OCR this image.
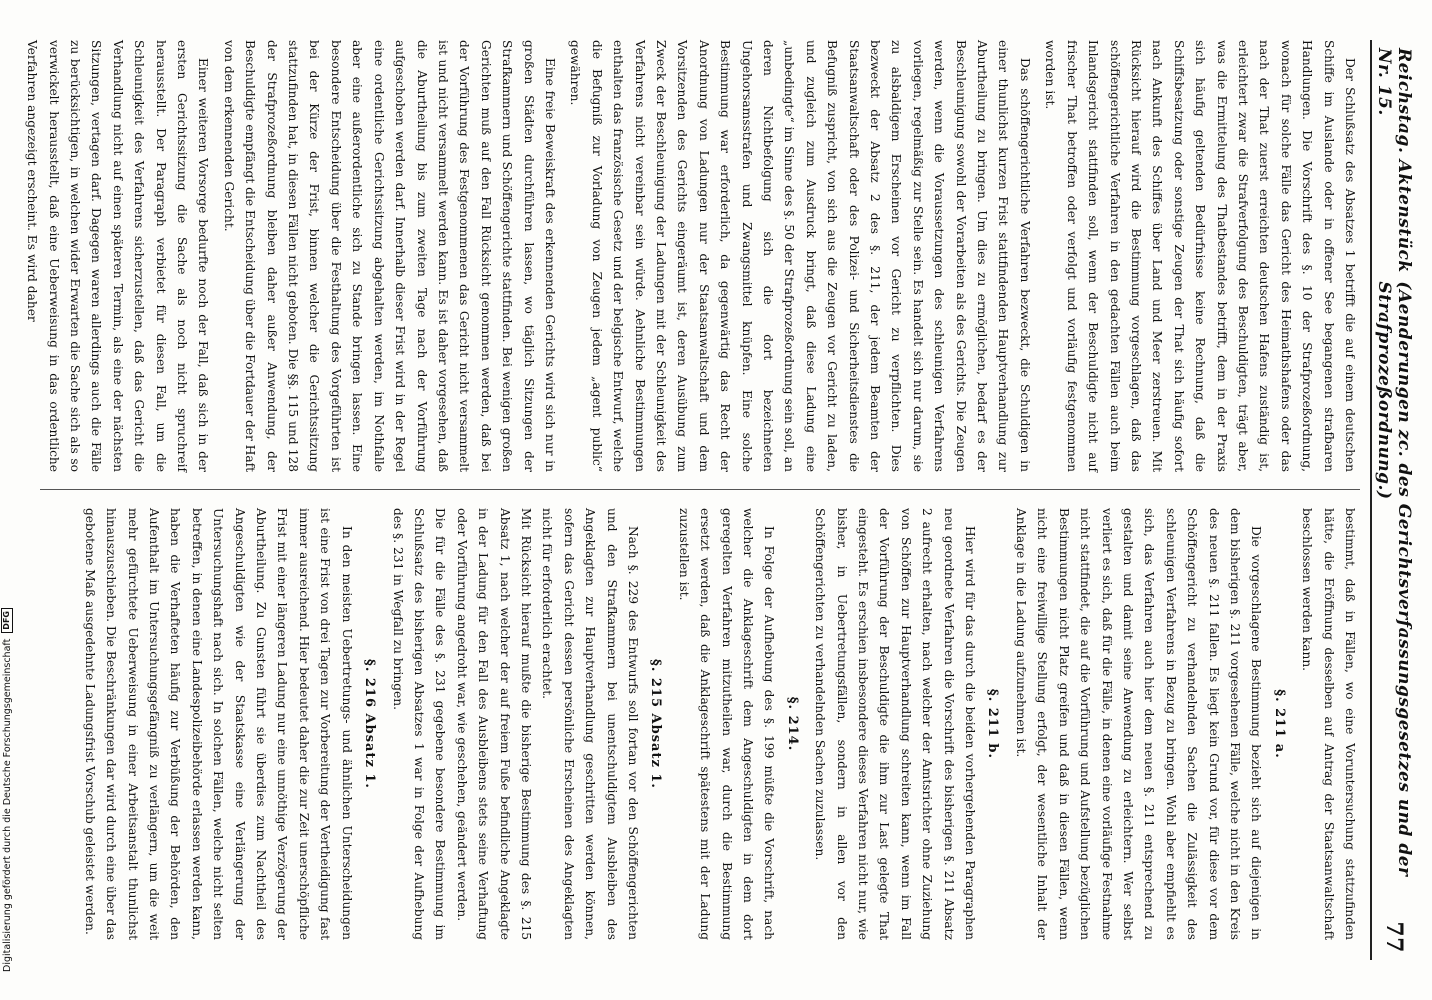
Reichstag. Aktenstück Nr. 15.
(Aenderungen zc. des Gerichtsverfassungsgesetzes und der Strafprozeßordnung.)
77

Der Schlußsatz des Absatzes 1 betrifft die auf einem deutschen Schiffe im Auslande oder in offener See begangenen strafbaren Handlungen. Die Vorschrift des §. 10 der Strafprozeßordnung, wonach für solche Fälle das Gericht des Heimathshafens oder das nach der That zuerst erreichten deutschen Hafens zuständig ist, erleichtert zwar die Strafverfolgung des Beschuldigten, trägt aber, was die Ermittelung des Thatbestandes betrifft, dem in der Praxis sich häufig geltenden Bedürfnisse keine Rechnung, daß die Schiffsbesatzung oder sonstige Zeugen der That sich häufig sofort nach Ankunft des Schiffes über Land und Meer zerstreuen. Mit Rücksicht hierauf wird die Bestimmung vorgeschlagen, daß das schöffengerichtliche Verfahren in den gedachten Fällen auch beim Inlandsgericht stattfinden soll, wenn der Beschuldigte nicht auf frischer That betroffen oder verfolgt und vorläufig festgenommen worden ist.

Das schöffengerichtliche Verfahren bezweckt, die Schuldigen in einer thunlichst kurzen Frist stattfindenden Hauptverhandlung zur Aburtheilung zu bringen. Um dies zu ermöglichen, bedarf es der Beschleunigung sowohl der Vorarbeiten als des Gerichts. Die Zeugen werden, wenn die Voraussetzungen des schleunigen Verfahrens vorliegen, regelmäßig zur Stelle sein. Es handelt sich nur darum, sie zu alsbaldigem Erscheinen vor Gericht zu verpflichten. Dies bezweckt der Absatz 2 des §. 211, der jedem Beamten der Staatsanwaltschaft oder des Polizei- und Sicherheitsdienstes die Befugniß zuspricht, von sich aus die Zeugen vor Gericht zu laden, und zugleich zum Ausdruck bringt, daß diese Ladung eine „unbedingte“ im Sinne des §. 50 der Strafprozeßordnung sein soll, an deren Nichtbefolgung sich die dort bezeichneten Ungehorsamsstrafen und Zwangsmittel knüpfen. Eine solche Bestimmung war erforderlich, da gegenwärtig das Recht der Anordnung von Ladungen nur der Staatsanwaltschaft und dem Vorsitzenden des Gerichts eingeräumt ist, deren Ausübung zum Zweck der Beschleunigung der Ladungen mit der Schleunigkeit des Verfahrens nicht vereinbar sein würde. Aehnliche Bestimmungen enthalten das französische Gesetz und der belgische Entwurf, welche die Befugniß zur Vorladung von Zeugen jedem „agent public“ gewähren.

Eine freie Beweiskraft des erkennenden Gerichts wird sich nur in großen Städten durchführen lassen, wo täglich Sitzungen der Strafkammern und Schöffengerichte stattfinden. Bei wenigen großen Gerichten muß auf den Fall Rücksicht genommen werden, daß bei der Vorführung des Festgenommenen das Gericht nicht versammelt ist und nicht versammelt werden kann. Es ist daher vorgesehen, daß die Aburtheilung bis zum zweiten Tage nach der Vorführung aufgeschoben werden darf. Innerhalb dieser Frist wird in der Regel eine ordentliche Gerichtssitzung abgehalten werden, im Nothfalle aber eine außerordentliche sich zu Stande bringen lassen. Eine besondere Entscheidung über die Festhaltung des Vorgeführten ist bei der Kürze der Frist, binnen welcher die Gerichtssitzung stattzufinden hat, in diesen Fällen nicht geboten. Die §§. 115 und 128 der Strafprozeßordnung bleiben daher außer Anwendung, der Beschuldigte empfängt die Entscheidung über die Fortdauer der Haft von dem erkennenden Gericht.

Einer weiteren Vorsorge bedurfte noch der Fall, daß sich in der ersten Gerichtssitzung die Sache als noch nicht spruchreif herausstellt. Der Paragraph verbietet für diesen Fall, um die Schleunigkeit des Verfahrens sicherzustellen, daß das Gericht die Verhandlung nicht auf einen späteren Termin, als eine der nächsten Sitzungen, vertagen darf. Dagegen waren allerdings auch die Fälle zu berücksichtigen, in welchen wider Erwarten die Sache sich als so verwickelt herausstellt, daß eine Ueberweisung in das ordentliche Verfahren angezeigt erscheint. Es wird daher

bestimmt, daß in Fällen, wo eine Voruntersuchung stattzufinden hätte, die Eröffnung desselben auf Antrag der Staatsanwaltschaft beschlossen werden kann.

§. 211 a.

Die vorgeschlagene Bestimmung bezieht sich auf diejenigen in dem bisherigen §. 211 vorgesehenen Fälle, welche nicht in den Kreis des neuen §. 211 fallen. Es liegt kein Grund vor, für diese vor dem Schöffengericht zu verhandelnden Sachen die Zulässigkeit des schleunigen Verfahrens in Bezug zu bringen. Wohl aber empfiehlt es sich, das Verfahren auch hier dem neuen §. 211 entsprechend zu gestalten und damit seine Anwendung zu erleichtern. Wer selbst verliert es sich, daß für die Fälle, in denen eine vorläufige Festnahme nicht stattfindet, die auf die Vorführung und Aufstellung bezüglichen Bestimmungen nicht Platz greifen und daß in diesen Fällen, wenn nicht eine freiwillige Stellung erfolgt, der wesentliche Inhalt der Anklage in die Ladung aufzunehmen ist.

§. 211 b.

Hier wird für das durch die beiden vorhergehenden Paragraphen neu geordnete Verfahren die Vorschrift des bisherigen §. 211 Absatz 2 aufrecht erhalten, nach welcher der Amtsrichter ohne Zuziehung von Schöffen zur Hauptverhandlung schreiten kann, wenn im Fall der Vorführung der Beschuldigte die ihm zur Last gelegte That eingesteht. Es erschien insbesondere dieses Verfahren nicht nur, wie bisher, in Uebertretungsfällen, sondern in allen vor den Schöffengerichten zu verhandelnden Sachen zuzulassen.

§. 214.

In Folge der Aufhebung des §. 199 müßte die Vorschrift, nach welcher die Anklageschrift dem Angeschuldigten in dem dort geregelten Verfahren mitzutheilen war, durch die Bestimmung ersetzt werden, daß die Anklageschrift spätestens mit der Ladung zuzustellen ist.

§. 215 Absatz 1.

Nach §. 229 des Entwurfs soll fortan vor den Schöffengerichten und den Strafkammern bei unentschuldigtem Ausbleiben des Angeklagten zur Hauptverhandlung geschritten werden können, sofern das Gericht dessen persönliche Erscheinen des Angeklagten nicht für erforderlich erachtet.
Mit Rücksicht hierauf mußte die bisherige Bestimmung des §. 215 Absatz 1, nach welcher der auf freiem Fuße befindliche Angeklagte in der Ladung für den Fall des Ausbleibens stets seine Verhaftung oder Vorführung angedroht war, wie geschehen, geändert werden.
Die für die Fälle des §. 231 gegebene besondere Bestimmung im Schlußsatz des bisherigen Absatzes 1 war in Folge der Aufhebung des §. 231 in Wegfall zu bringen.

§. 216 Absatz 1.

In den meisten Uebertretungs- und ähnlichen Unterscheidungen ist eine Frist von drei Tagen zur Vorbereitung der Vertheidigung fast immer ausreichend. Hier bedeutet daher die zur Zeit unerschöpfliche Frist mit einer längeren Ladung nur eine unnöthige Verzögerung der Aburtheilung. Zu Gunsten führt sie überdies zum Nachtheil des Angeschuldigten wie der Staatskasse eine Verlängerung der Untersuchungshaft nach sich. In solchen Fällen, welche nicht selten betreffen, in denen eine Landespolizeibehörde erlassen werden kann, haben die Verhafteten häufig zur Verbüßung der Behörden, den Aufenthalt im Untersuchungsgefängniß zu verlängern, um die weit mehr gefürchtete Ueberweisung in einer Arbeitsanstalt thunlichst hinauszuschieben. Die Beschränkungen dar wird durch eine über das gebotene Maß ausgedehnte Ladungsfrist Vorschub geleistet werden.

Digitalisierung gefördert durch die Deutsche Forschungsgemeinschaft
DFG
